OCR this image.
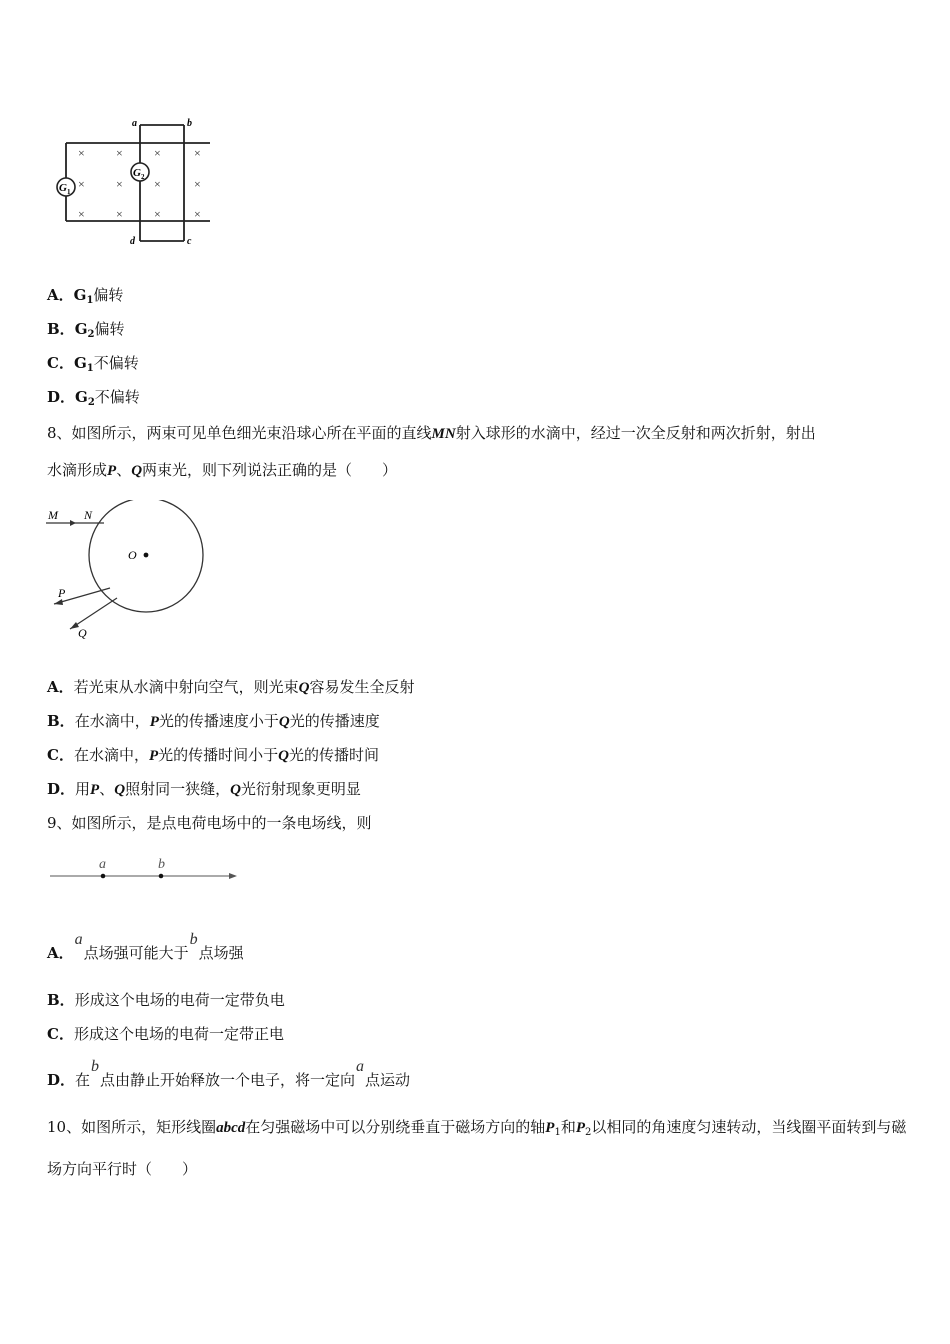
G 1
G 2
a	b
c
d
×	×	×	×
×	×	×	×
×	×	×	×
A．$G_1$偏转
B．$G_2$偏转
C．$G_1$不偏转
D．$G_2$不偏转
8、如图所示，两束可见单色细光束沿球心所在平面的直线MN射入球形的水滴中，经过一次全反射和两次折射，射出
水滴形成P、Q两束光，则下列说法正确的是（　　）
M N
O
P
Q
A．若光束从水滴中射向空气，则光束Q容易发生全反射
B．在水滴中，P光的传播速度小于Q光的传播速度
C．在水滴中，P光的传播时间小于Q光的传播时间
D．用P、Q照射同一狭缝，Q光衍射现象更明显
9、如图所示，是点电荷电场中的一条电场线，则
a	b
A．a点场强可能大于b点场强
B．形成这个电场的电荷一定带负电
C．形成这个电场的电荷一定带正电
D．在b点由静止开始释放一个电子，将一定向a点运动
10、如图所示，矩形线圈abcd在匀强磁场中可以分别绕垂直于磁场方向的轴$P_1$和$P_2$以相同的角速度匀速转动，当线圈平面转到与磁场方向平行时（　　）
